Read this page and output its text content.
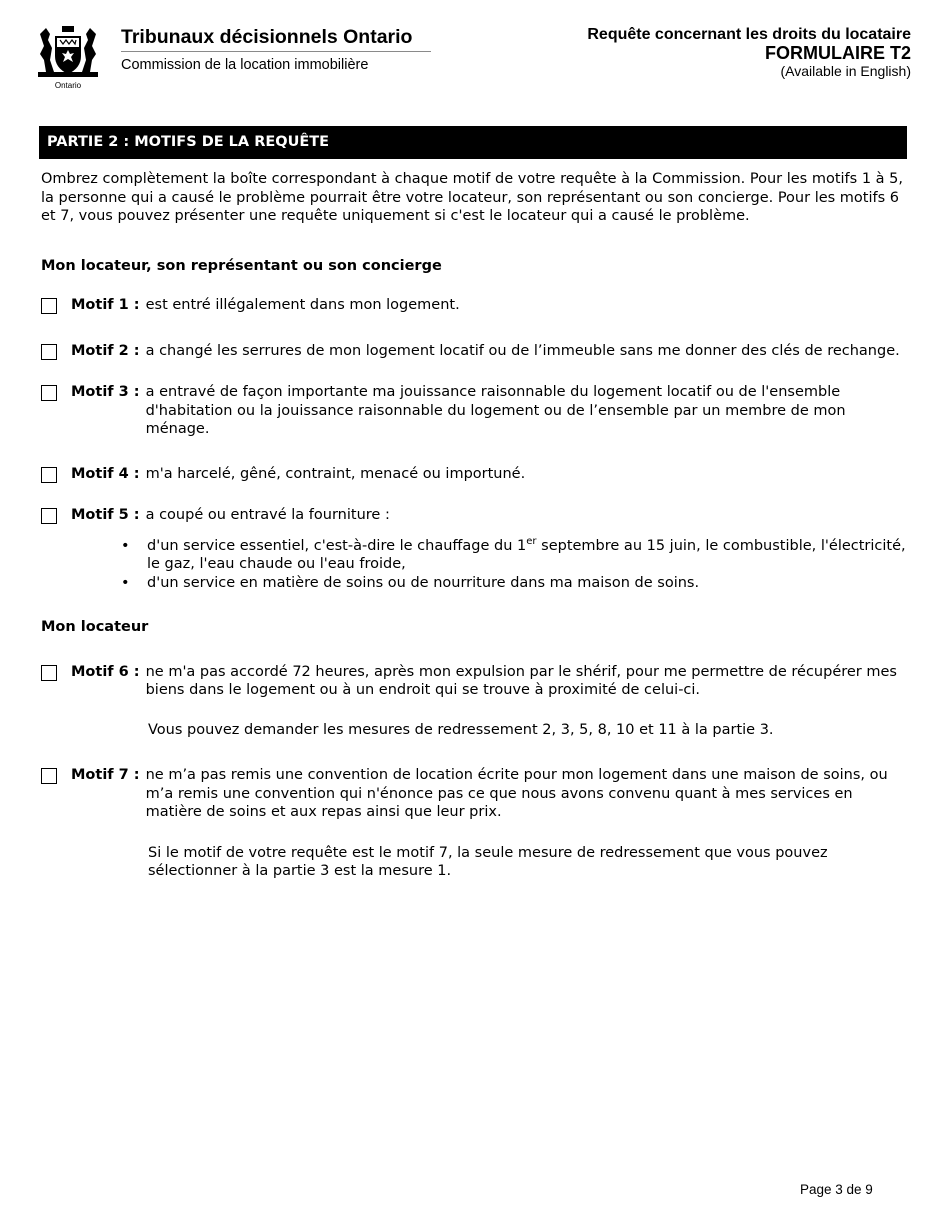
Ontario
Tribunaux décisionnels Ontario
Commission de la location immobilière
Requête concernant les droits du locataire
FORMULAIRE T2
(Available in English)
PARTIE 2 : MOTIFS DE LA REQUÊTE

Ombrez complètement la boîte correspondant à chaque motif de votre requête à la Commission. Pour les motifs 1 à 5, la personne qui a causé le problème pourrait être votre locateur, son représentant ou son concierge. Pour les motifs 6 et 7, vous pouvez présenter une requête uniquement si c'est le locateur qui a causé le problème.

Mon locateur, son représentant ou son concierge

Motif 1 : est entré illégalement dans mon logement.
Motif 2 : a changé les serrures de mon logement locatif ou de l’immeuble sans me donner des clés de rechange.
Motif 3 : a entravé de façon importante ma jouissance raisonnable du logement locatif ou de l'ensemble d'habitation ou la jouissance raisonnable du logement ou de l’ensemble par un membre de mon ménage.
Motif 4 : m'a harcelé, gêné, contraint, menacé ou importuné.
Motif 5 : a coupé ou entravé la fourniture :
• d'un service essentiel, c'est-à-dire le chauffage du 1er septembre au 15 juin, le combustible, l'électricité, le gaz, l'eau chaude ou l'eau froide,
• d'un service en matière de soins ou de nourriture dans ma maison de soins.

Mon locateur

Motif 6 : ne m'a pas accordé 72 heures, après mon expulsion par le shérif, pour me permettre de récupérer mes biens dans le logement ou à un endroit qui se trouve à proximité de celui-ci.

Vous pouvez demander les mesures de redressement 2, 3, 5, 8, 10 et 11 à la partie 3.

Motif 7 : ne m’a pas remis une convention de location écrite pour mon logement dans une maison de soins, ou m’a remis une convention qui n'énonce pas ce que nous avons convenu quant à mes services en matière de soins et aux repas ainsi que leur prix.

Si le motif de votre requête est le motif 7, la seule mesure de redressement que vous pouvez sélectionner à la partie 3 est la mesure 1.

Page 3 de 9
